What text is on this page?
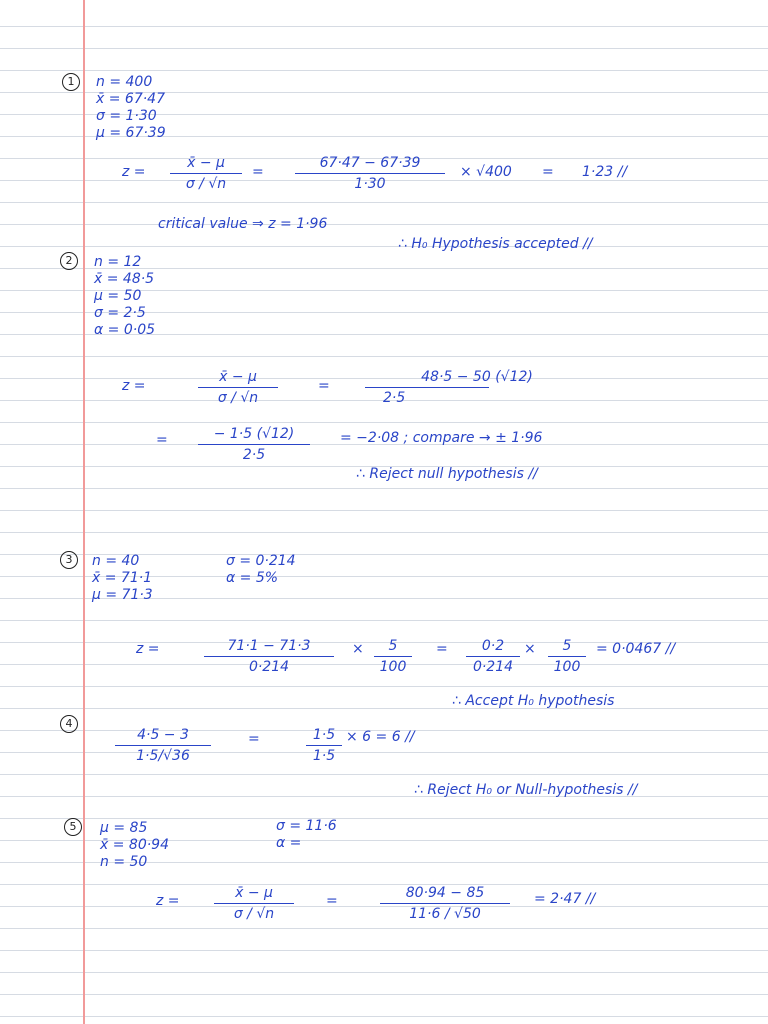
1	n = 400
x̄ = 67·47
σ = 1·30
μ = 67·39
z =
x̄ − μ
σ / √n
=
67·47 − 67·39
1·30
× √400 = 1·23 //
critical value ⇒ z = 1·96
∴ H₀ Hypothesis accepted //
2	n = 12
x̄ = 48·5
μ = 50
σ = 2·5
α = 0·05
z =
x̄ − μ
σ / √n
=
48·5 − 50 (√12)
2·5
=	− 1·5 (√12)
2·5
= −2·08 ; compare → ± 1·96
∴ Reject null hypothesis //
3	n = 40
x̄ = 71·1
μ = 71·3
σ = 0·214
α = 5%
z =	71·1 − 71·3
0·214
×	5
100
=	0·2
0·214
×	5
100
= 0·0467 //
∴ Accept H₀ hypothesis
4
4·5 − 3
1·5/√36
=	1·5
1·5
× 6 = 6 //
∴ Reject H₀ or Null-hypothesis //
5	μ = 85
x̄ = 80·94
n = 50
σ = 11·6
α =
z =	x̄ − μ
σ / √n
=	80·94 − 85
11·6 / √50
= 2·47 //
